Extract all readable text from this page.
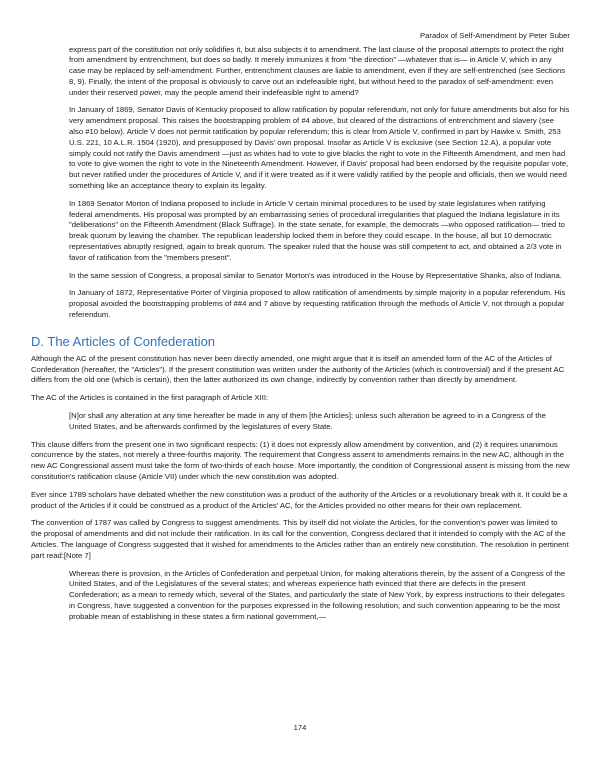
Paradox of Self-Amendment by Peter Suber

express part of the constitution not only solidifies it, but also subjects it to amendment. The last clause of the proposal attempts to protect the right from amendment by entrenchment, but does so badly. It merely immunizes it from "the direction" —whatever that is— in Article V, which in any case may be replaced by self-amendment. Further, entrenchment clauses are liable to amendment, even if they are self-entrenched (see Sections 8, 9). Finally, the intent of the proposal is obviously to carve out an indefeasible right, but without heed to the paradox of self-amendment: even under their reserved power, may the people amend their indefeasible right to amend?

In January of 1869, Senator Davis of Kentucky proposed to allow ratification by popular referendum, not only for future amendments but also for his very amendment proposal. This raises the bootstrapping problem of #4 above, but cleared of the distractions of entrenchment and slavery (see also #10 below). Article V does not permit ratification by popular referendum; this is clear from Article V, confirmed in part by Hawke v. Smith, 253 U.S. 221, 10 A.L.R. 1504 (1920), and presupposed by Davis' own proposal. Insofar as Article V is exclusive (see Section 12.A), a popular vote simply could not ratify the Davis amendment —just as whites had to vote to give blacks the right to vote in the Fifteenth Amendment, and men had to vote to give women the right to vote in the Nineteenth Amendment. However, if Davis' proposal had been endorsed by the requisite popular vote, but never ratified under the procedures of Article V, and if it were treated as if it were validly ratified by the people and officials, then we would need something like an acceptance theory to explain its legality.

In 1869 Senator Morton of Indiana proposed to include in Article V certain minimal procedures to be used by state legislatures when ratifying federal amendments. His proposal was prompted by an embarrassing series of procedural irregularities that plagued the Indiana legislature in its "deliberations" on the Fifteenth Amendment (Black Suffrage). In the state senate, for example, the democrats —who opposed ratification— tried to break quorum by leaving the chamber. The republican leadership locked them in before they could escape. In the house, all but 10 democratic representatives abruptly resigned, again to break quorum. The speaker ruled that the house was still competent to act, and obtained a 2/3 vote in favor of ratification from the "members present".

In the same session of Congress, a proposal similar to Senator Morton's was introduced in the House by Representative Shanks, also of Indiana.

In January of 1872, Representative Porter of Virginia proposed to allow ratification of amendments by simple majority in a popular referendum. His proposal avoided the bootstrapping problems of ##4 and 7 above by requesting ratification through the methods of Article V, not through a popular referendum.

D. The Articles of Confederation

Although the AC of the present constitution has never been directly amended, one might argue that it is itself an amended form of the AC of the Articles of Confederation (hereafter, the "Articles"). If the present constitution was written under the authority of the Articles (which is controversial) and if the present AC differs from the old one (which is certain), then the latter authorized its own change, indirectly by convention rather than directly by amendment.

The AC of the Articles is contained in the first paragraph of Article XIII:

[N]or shall any alteration at any time hereafter be made in any of them [the Articles]; unless such alteration be agreed to in a Congress of the United States, and be afterwards confirmed by the legislatures of every State.

This clause differs from the present one in two significant respects: (1) it does not expressly allow amendment by convention, and (2) it requires unanimous concurrence by the states, not merely a three-fourths majority. The requirement that Congress assent to amendments remains in the new AC, although in the new AC Congressional assent must take the form of two-thirds of each house. More importantly, the condition of Congressional assent is missing from the new constitution's ratification clause (Article VII) under which the new constitution was adopted.

Ever since 1789 scholars have debated whether the new constitution was a product of the authority of the Articles or a revolutionary break with it. It could be a product of the Articles if it could be construed as a product of the Articles' AC, for the Articles provided no other means for their own replacement.

The convention of 1787 was called by Congress to suggest amendments. This by itself did not violate the Articles, for the convention's power was limited to the proposal of amendments and did not include their ratification. In its call for the convention, Congress declared that it intended to comply with the AC of the Articles. The language of Congress suggested that it wished for amendments to the Articles rather than an entirely new constitution. The resolution in pertinent part read:[Note 7]

Whereas there is provision, in the Articles of Confederation and perpetual Union, for making alterations therein, by the assent of a Congress of the United States, and of the Legislatures of the several states; and whereas experience hath evinced that there are defects in the present Confederation; as a mean to remedy which, several of the States, and particularly the state of New York, by express instructions to their delegates in Congress, have suggested a convention for the purposes expressed in the following resolution; and such convention appearing to be the most probable mean of establishing in these states a firm national government,—
174
